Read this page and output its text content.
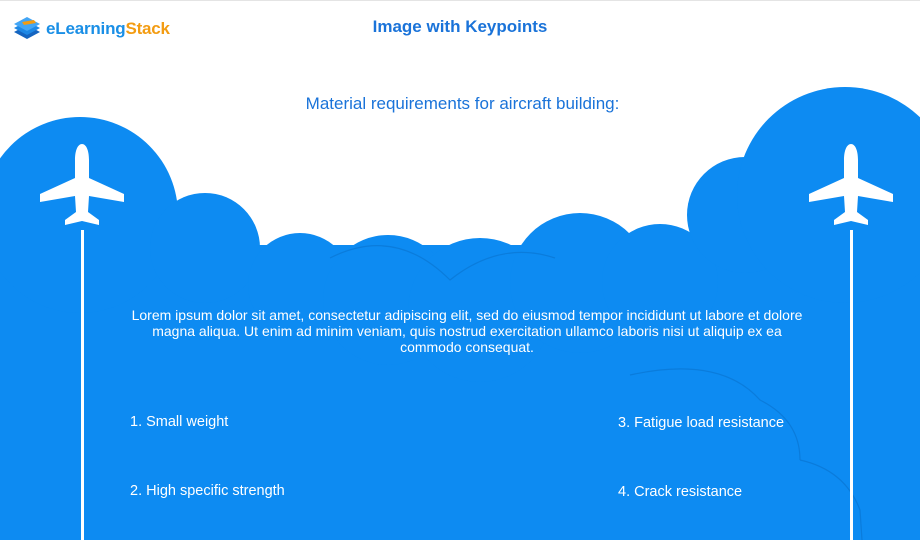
eLearningStack	Image with Keypoints
Material requirements for aircraft building:
Lorem ipsum dolor sit amet, consectetur adipiscing elit, sed do eiusmod tempor incididunt ut labore et dolore magna aliqua. Ut enim ad minim veniam, quis nostrud exercitation ullamco laboris nisi ut aliquip ex ea commodo consequat.
1. Small weight
2. High specific strength
3. Fatigue load resistance
4. Crack resistance
